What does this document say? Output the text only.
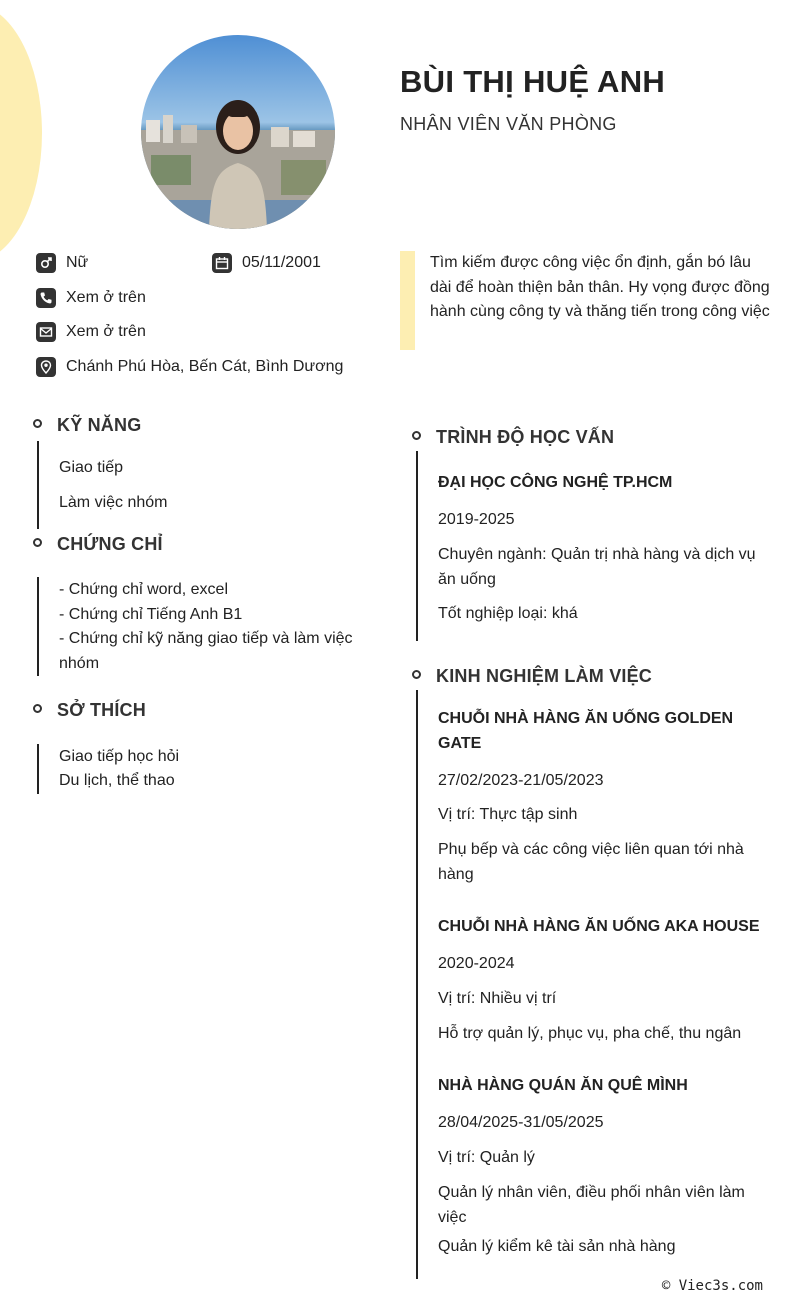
BÙI THỊ HUỆ ANH
NHÂN VIÊN VĂN PHÒNG
Nữ	05/11/2001
Xem ở trên
Xem ở trên
Chánh Phú Hòa, Bến Cát, Bình Dương
Tìm kiếm được công việc ổn định, gắn bó lâu dài để hoàn thiện bản thân. Hy vọng được đồng hành cùng công ty và thăng tiến trong công việc
KỸ NĂNG
Giao tiếp
Làm việc nhóm
CHỨNG CHỈ
- Chứng chỉ word, excel
- Chứng chỉ Tiếng Anh B1
- Chứng chỉ kỹ năng giao tiếp và làm việc nhóm
SỞ THÍCH
Giao tiếp học hỏi
Du lịch, thể thao
TRÌNH ĐỘ HỌC VẤN
ĐẠI HỌC CÔNG NGHỆ TP.HCM
2019-2025
Chuyên ngành: Quản trị nhà hàng và dịch vụ ăn uống
Tốt nghiệp loại: khá
KINH NGHIỆM LÀM VIỆC
CHUỖI NHÀ HÀNG ĂN UỐNG GOLDEN GATE
27/02/2023-21/05/2023
Vị trí: Thực tập sinh
Phụ bếp và các công việc liên quan tới nhà hàng
CHUỖI NHÀ HÀNG ĂN UỐNG AKA HOUSE
2020-2024
Vị trí: Nhiều vị trí
Hỗ trợ quản lý, phục vụ, pha chế, thu ngân
NHÀ HÀNG QUÁN ĂN QUÊ MÌNH
28/04/2025-31/05/2025
Vị trí: Quản lý
Quản lý nhân viên, điều phối nhân viên làm việc
Quản lý kiểm kê tài sản nhà hàng
© Viec3s.com
